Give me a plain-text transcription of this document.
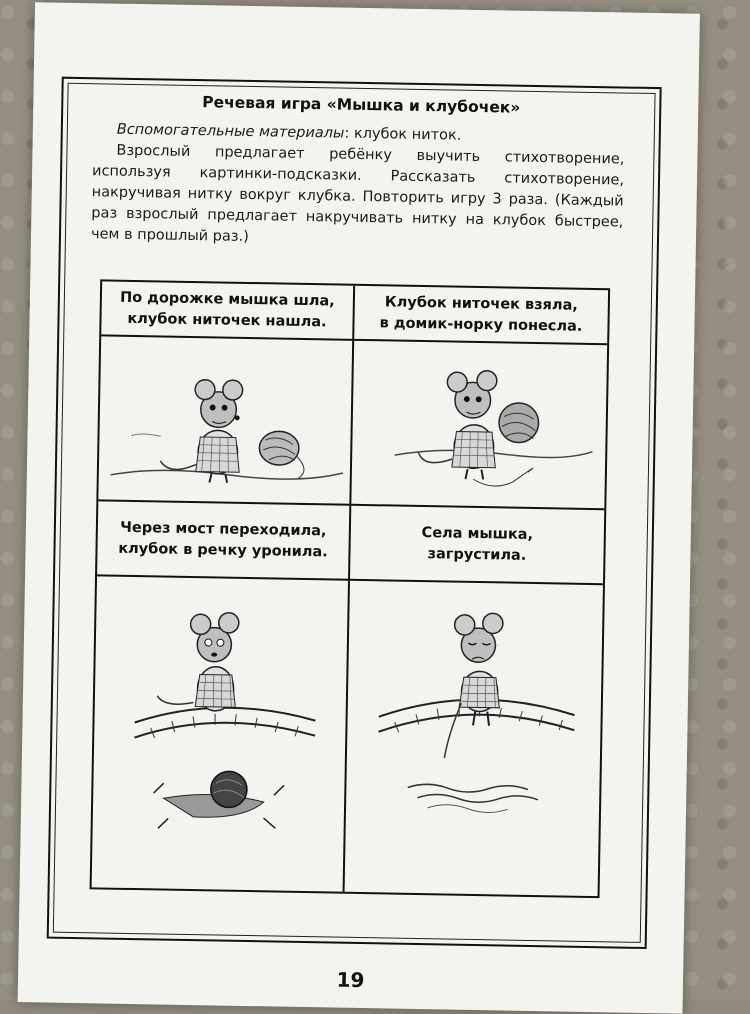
Речевая игра «Мышка и клубочек»

Вспомогательные материалы: клубок ниток.

Взрослый предлагает ребёнку выучить стихотворение, используя картинки-подсказки. Рассказать стихотворение, накручивая нитку вокруг клубка. Повторить игру 3 раза. (Каждый раз взрослый предлагает накручивать нитку на клубок быстрее, чем в прошлый раз.)

По дорожке мышка шла,
клубок ниточек нашла.
Клубок ниточек взяла,
в домик-норку понесла.
Через мост переходила,
клубок в речку уронила.
Села мышка,
загрустила.
19
